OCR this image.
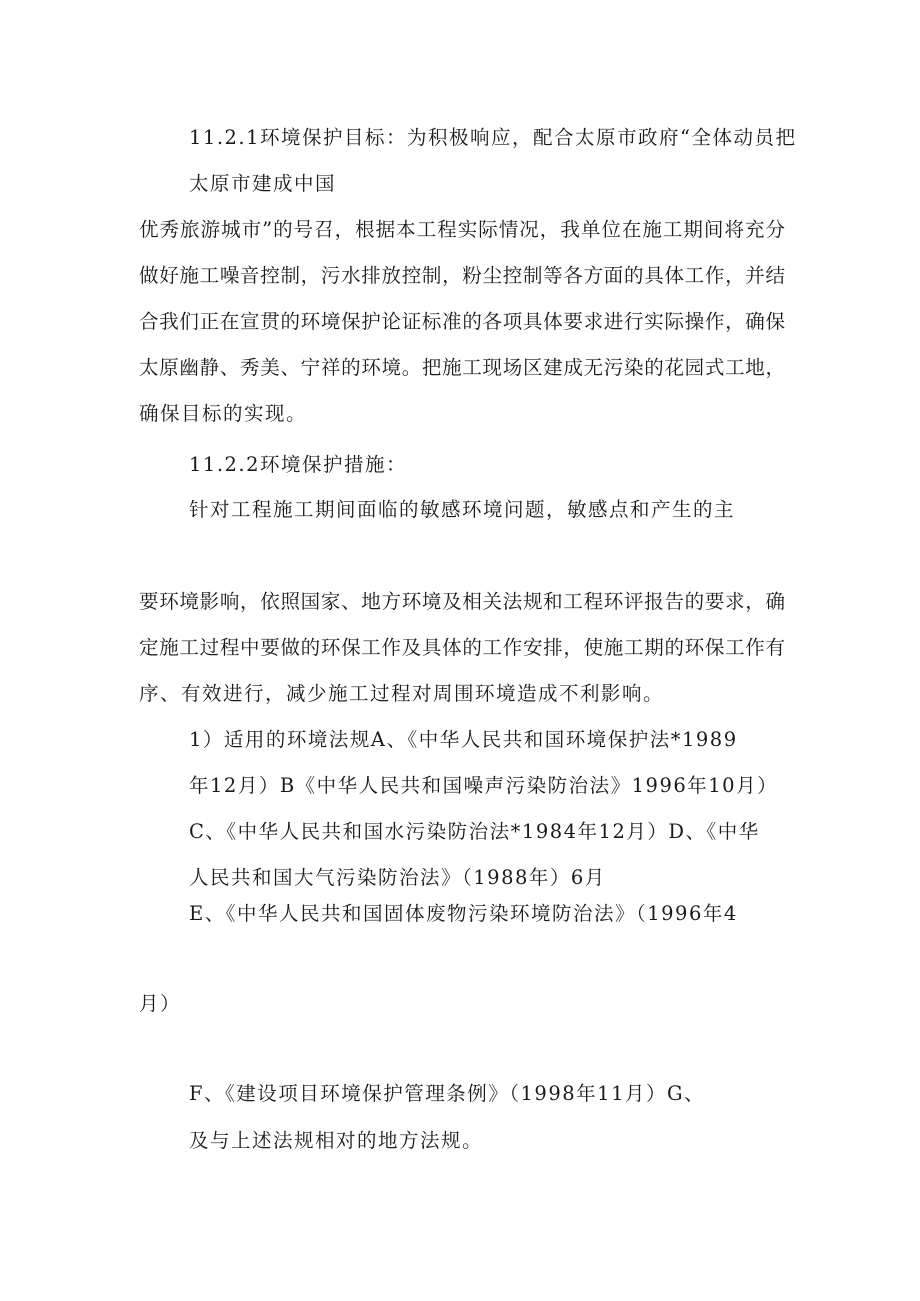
11.2.1环境保护目标：为积极响应，配合太原市政府“全体动员把
太原市建成中国
优秀旅游城市”的号召，根据本工程实际情况，我单位在施工期间将充分
做好施工噪音控制，污水排放控制，粉尘控制等各方面的具体工作，并结
合我们正在宣贯的环境保护论证标准的各项具体要求进行实际操作，确保
太原幽静、秀美、宁祥的环境。把施工现场区建成无污染的花园式工地，
确保目标的实现。
11.2.2环境保护措施：
针对工程施工期间面临的敏感环境问题，敏感点和产生的主
要环境影响，依照国家、地方环境及相关法规和工程环评报告的要求，确
定施工过程中要做的环保工作及具体的工作安排，使施工期的环保工作有
序、有效进行，减少施工过程对周围环境造成不利影响。
1）适用的环境法规A、《中华人民共和国环境保护法*1989
年12月）B《中华人民共和国噪声污染防治法》1996年10月）
C、《中华人民共和国水污染防治法*1984年12月）D、《中华
人民共和国大气污染防治法》（1988年）6月
E、《中华人民共和国固体废物污染环境防治法》（1996年4
月）
F、《建设项目环境保护管理条例》（1998年11月）G、
及与上述法规相对的地方法规。
